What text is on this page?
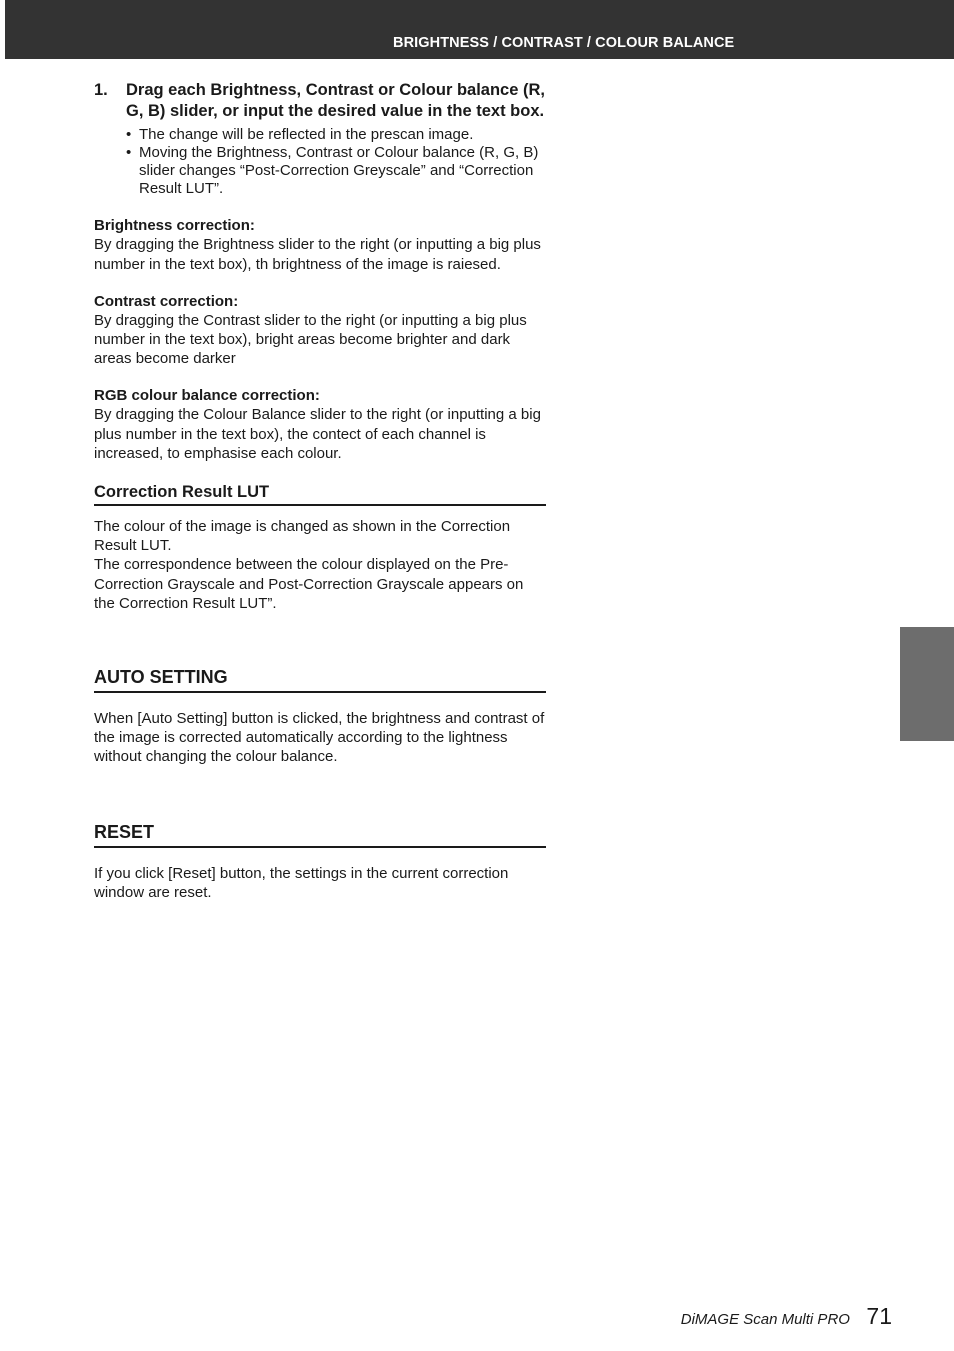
BRIGHTNESS / CONTRAST / COLOUR BALANCE
1. Drag each Brightness, Contrast or Colour balance (R, G, B) slider, or input the desired value in the text box.
• The change will be reflected in the prescan image.
• Moving the Brightness, Contrast or Colour balance (R, G, B) slider changes “Post-Correction Greyscale” and “Correction Result LUT”.

Brightness correction:

By dragging the Brightness slider to the right (or inputting a big plus number in the text box), th brightness of the image is raiesed.

Contrast correction:

By dragging the Contrast slider to the right (or inputting a big plus number in the text box), bright areas become brighter and dark areas become darker

RGB colour balance correction:

By dragging the Colour Balance slider to the right (or inputting a big plus number in the text box), the contect of each channel is increased, to emphasise each colour.

Correction Result LUT

The colour of the image is changed as shown in the Correction Result LUT.

The correspondence between the colour displayed on the Pre-Correction Grayscale and Post-Correction Grayscale appears on the Correction Result LUT”.

AUTO SETTING

When [Auto Setting] button is clicked, the brightness and contrast of the image is corrected automatically according to the lightness without changing the colour balance.

RESET

If you click [Reset] button, the settings in the current correction window are reset.

DiMAGE Scan Multi PRO 71
